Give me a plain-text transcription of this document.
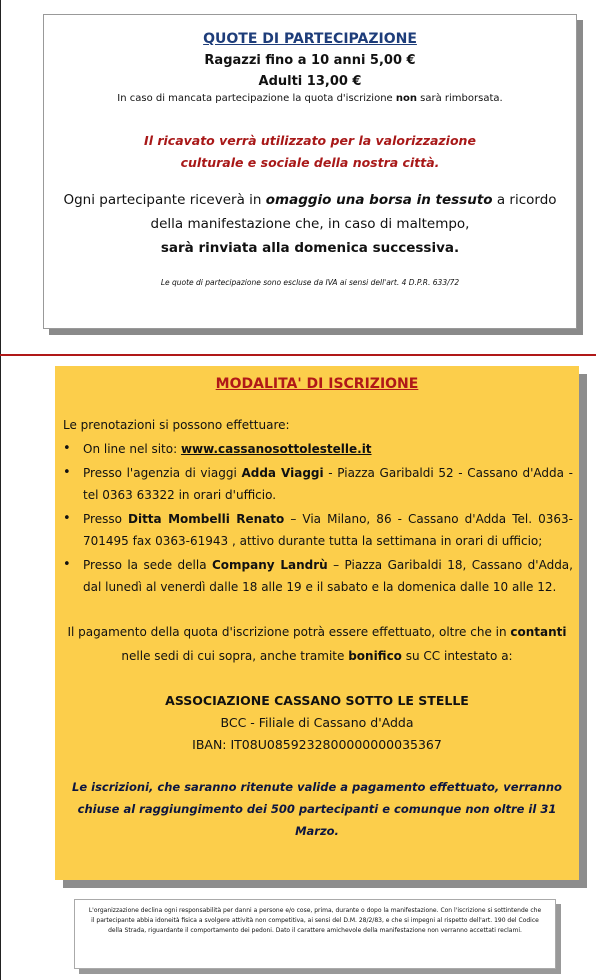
QUOTE DI PARTECIPAZIONE
Ragazzi fino a 10 anni 5,00 €
Adulti 13,00 €
In caso di mancata partecipazione la quota d'iscrizione non sarà rimborsata.
Il ricavato verrà utilizzato per la valorizzazione
culturale e sociale della nostra città.
Ogni partecipante riceverà in omaggio una borsa in tessuto a ricordo della manifestazione che, in caso di maltempo,
sarà rinviata alla domenica successiva.
Le quote di partecipazione sono escluse da IVA ai sensi dell'art. 4 D.P.R. 633/72
MODALITA' DI ISCRIZIONE
Le prenotazioni si possono effettuare:
• On line nel sito: www.cassanosottolestelle.it
• Presso l'agenzia di viaggi Adda Viaggi - Piazza Garibaldi 52 - Cassano d'Adda - tel 0363 63322 in orari d'ufficio.
• Presso Ditta Mombelli Renato – Via Milano, 86 - Cassano d'Adda Tel. 0363-701495 fax 0363-61943 , attivo durante tutta la settimana in orari di ufficio;
• Presso la sede della Company Landrù – Piazza Garibaldi 18, Cassano d'Adda, dal lunedì al venerdì dalle 18 alle 19 e il sabato e la domenica dalle 10 alle 12.
Il pagamento della quota d'iscrizione potrà essere effettuato, oltre che in contanti nelle sedi di cui sopra, anche tramite bonifico su CC intestato a:
ASSOCIAZIONE CASSANO SOTTO LE STELLE
BCC - Filiale di Cassano d'Adda
IBAN: IT08U0859232800000000035367
Le iscrizioni, che saranno ritenute valide a pagamento effettuato, verranno chiuse al raggiungimento dei 500 partecipanti e comunque non oltre il 31 Marzo.
L'organizzazione declina ogni responsabilità per danni a persone e/o cose, prima, durante o dopo la manifestazione. Con l'iscrizione si sottintende che il partecipante abbia idoneità fisica a svolgere attività non competitiva, ai sensi del D.M. 28/2/83, e che si impegni al rispetto dell'art. 190 del Codice della Strada, riguardante il comportamento dei pedoni. Dato il carattere amichevole della manifestazione non verranno accettati reclami.
